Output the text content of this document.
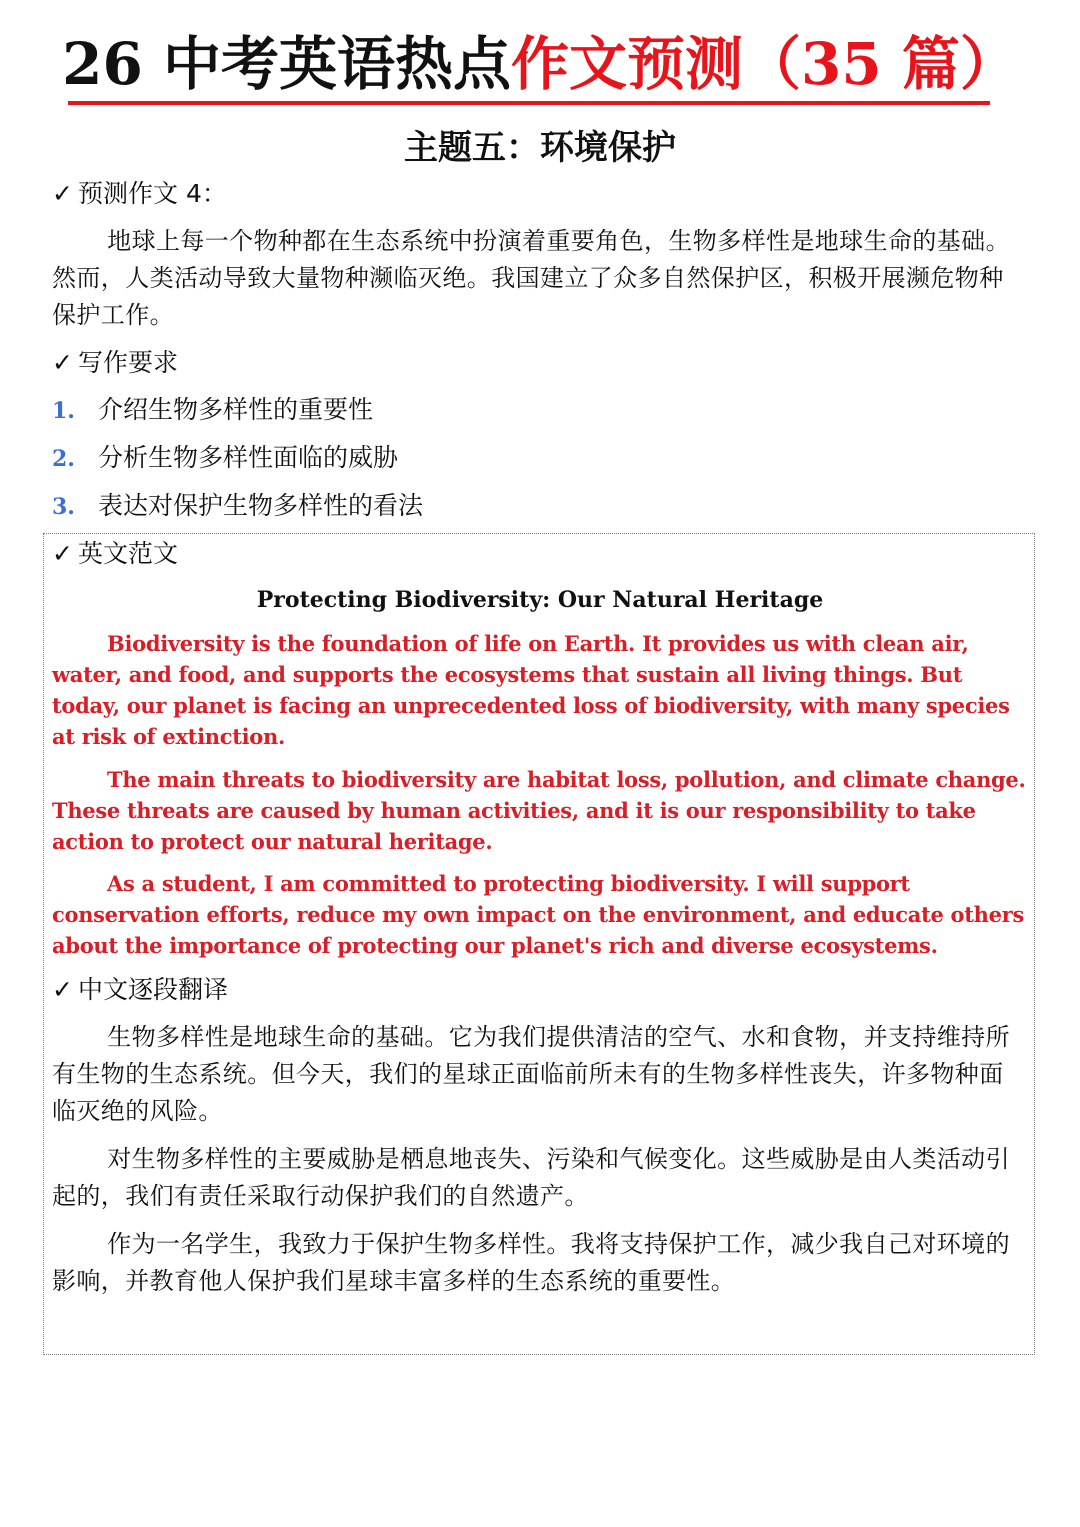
26 中考英语热点作文预测（35 篇）
主题五：环境保护
✓ 预测作文 4：
地球上每一个物种都在生态系统中扮演着重要角色，生物多样性是地球生命的基础。然而，人类活动导致大量物种濒临灭绝。我国建立了众多自然保护区，积极开展濒危物种保护工作。
✓ 写作要求
1. 介绍生物多样性的重要性
2. 分析生物多样性面临的威胁
3. 表达对保护生物多样性的看法
✓ 英文范文
Protecting Biodiversity: Our Natural Heritage
Biodiversity is the foundation of life on Earth. It provides us with clean air, water, and food, and supports the ecosystems that sustain all living things. But today, our planet is facing an unprecedented loss of biodiversity, with many species at risk of extinction.
The main threats to biodiversity are habitat loss, pollution, and climate change. These threats are caused by human activities, and it is our responsibility to take action to protect our natural heritage.
As a student, I am committed to protecting biodiversity. I will support conservation efforts, reduce my own impact on the environment, and educate others about the importance of protecting our planet's rich and diverse ecosystems.
✓ 中文逐段翻译
生物多样性是地球生命的基础。它为我们提供清洁的空气、水和食物，并支持维持所有生物的生态系统。但今天，我们的星球正面临前所未有的生物多样性丧失，许多物种面临灭绝的风险。
对生物多样性的主要威胁是栖息地丧失、污染和气候变化。这些威胁是由人类活动引起的，我们有责任采取行动保护我们的自然遗产。
作为一名学生，我致力于保护生物多样性。我将支持保护工作，减少我自己对环境的影响，并教育他人保护我们星球丰富多样的生态系统的重要性。
